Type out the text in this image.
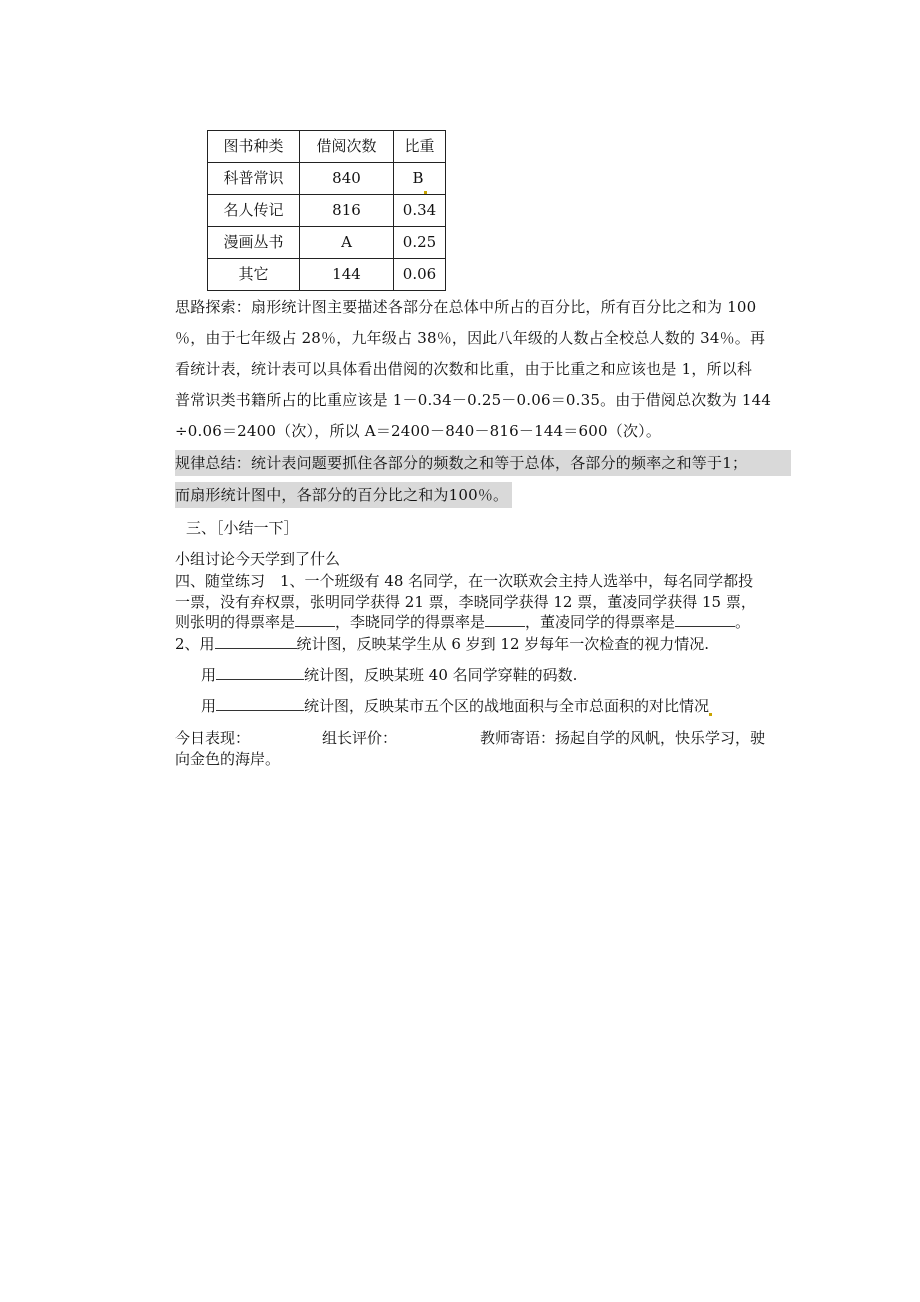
图书种类	借阅次数	比重
科普常识	840	B
名人传记	816	0.34
漫画丛书	A	0.25
其它	144	0.06
思路探索：扇形统计图主要描述各部分在总体中所占的百分比，所有百分比之和为 100
％，由于七年级占 28％，九年级占 38％，因此八年级的人数占全校总人数的 34％。再
看统计表，统计表可以具体看出借阅的次数和比重，由于比重之和应该也是 1，所以科
普常识类书籍所占的比重应该是 1－0.34－0.25－0.06＝0.35。由于借阅总次数为 144
÷0.06＝2400（次），所以 A＝2400－840－816－144＝600（次）。
规律总结：统计表问题要抓住各部分的频数之和等于总体，各部分的频率之和等于1；
而扇形统计图中，各部分的百分比之和为100％。
三、［小结一下］
小组讨论今天学到了什么
四、随堂练习　1、一个班级有 48 名同学，在一次联欢会主持人选举中，每名同学都投
一票，没有弃权票，张明同学获得 21 票，李晓同学获得 12 票，董凌同学获得 15 票，
则张明的得票率是	，李晓同学的得票率是	，董凌同学的得票率是	。
2、用	统计图，反映某学生从 6 岁到 12 岁每年一次检查的视力情况.
用	统计图，反映某班 40 名同学穿鞋的码数.
用	统计图，反映某市五个区的战地面积与全市总面积的对比情况
今日表现：	组长评价：	教师寄语：扬起自学的风帆，快乐学习，驶
向金色的海岸。
